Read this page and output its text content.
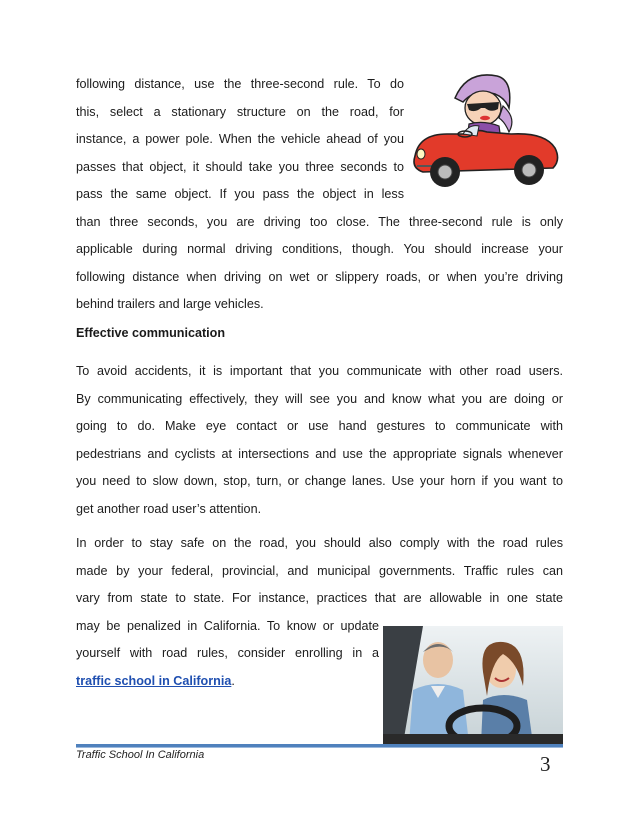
following distance, use the three-second rule. To do
this, select a stationary structure on the road, for
instance, a power pole. When the vehicle ahead of you
passes that object, it should take you three seconds to
pass the same object. If you pass the object in less
than three seconds, you are driving too close. The three-second rule is only
applicable during normal driving conditions, though. You should increase your
following distance when driving on wet or slippery roads, or when you’re driving
behind trailers and large vehicles.
Effective communication
To avoid accidents, it is important that you communicate with other road users.
By communicating effectively, they will see you and know what you are doing or
going to do. Make eye contact or use hand gestures to communicate with
pedestrians and cyclists at intersections and use the appropriate signals whenever
you need to slow down, stop, turn, or change lanes. Use your horn if you want to
get another road user’s attention.
In order to stay safe on the road, you should also comply with the road rules
made by your federal, provincial, and municipal governments. Traffic rules can
vary from state to state. For instance, practices that are allowable in one state
may be penalized in California. To know or update
yourself with road rules, consider enrolling in a
traffic school in California.
Traffic School In California	3
